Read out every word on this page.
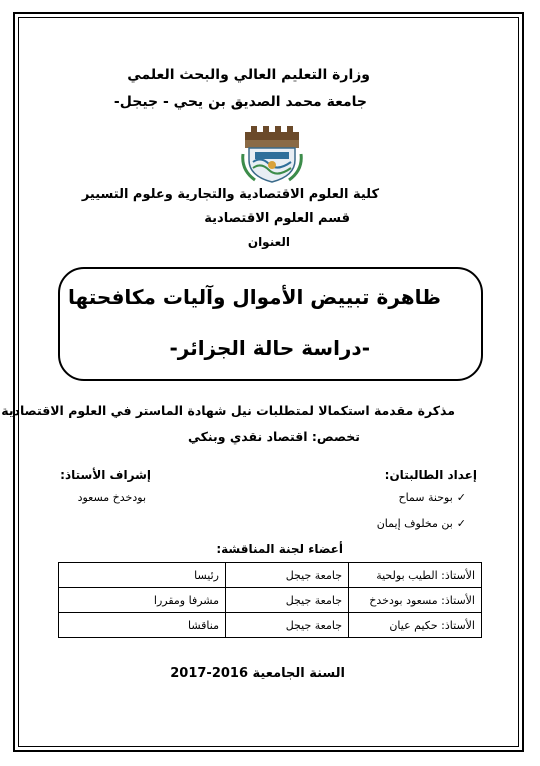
وزارة التعليم العالي والبحث العلمي
جامعة محمد الصديق بن يحي - جيجل-
كلية العلوم الاقتصادية والتجارية وعلوم التسيير
قسم العلوم الاقتصادية
العنوان
ظاهرة تبييض الأموال وآليات مكافحتها
-دراسة حالة الجزائر-
مذكرة مقدمة استكمالا لمتطلبات نيل شهادة الماستر في العلوم الاقتصادية
تخصص: اقتصاد نقدي وبنكي
إعداد الطالبتان:
✓بوحنة سماح
✓بن مخلوف إيمان
إشراف الأستاذ:
بودخدخ مسعود
أعضاء لجنة المناقشة:
الأستاذ: الطيب بولحية	جامعة جيجل	رئيسا
الأستاذ: مسعود بودخدخ	جامعة جيجل	مشرفا ومقررا
الأستاذ: حكيم عيان	جامعة جيجل	مناقشا
السنة الجامعية 2016-2017
